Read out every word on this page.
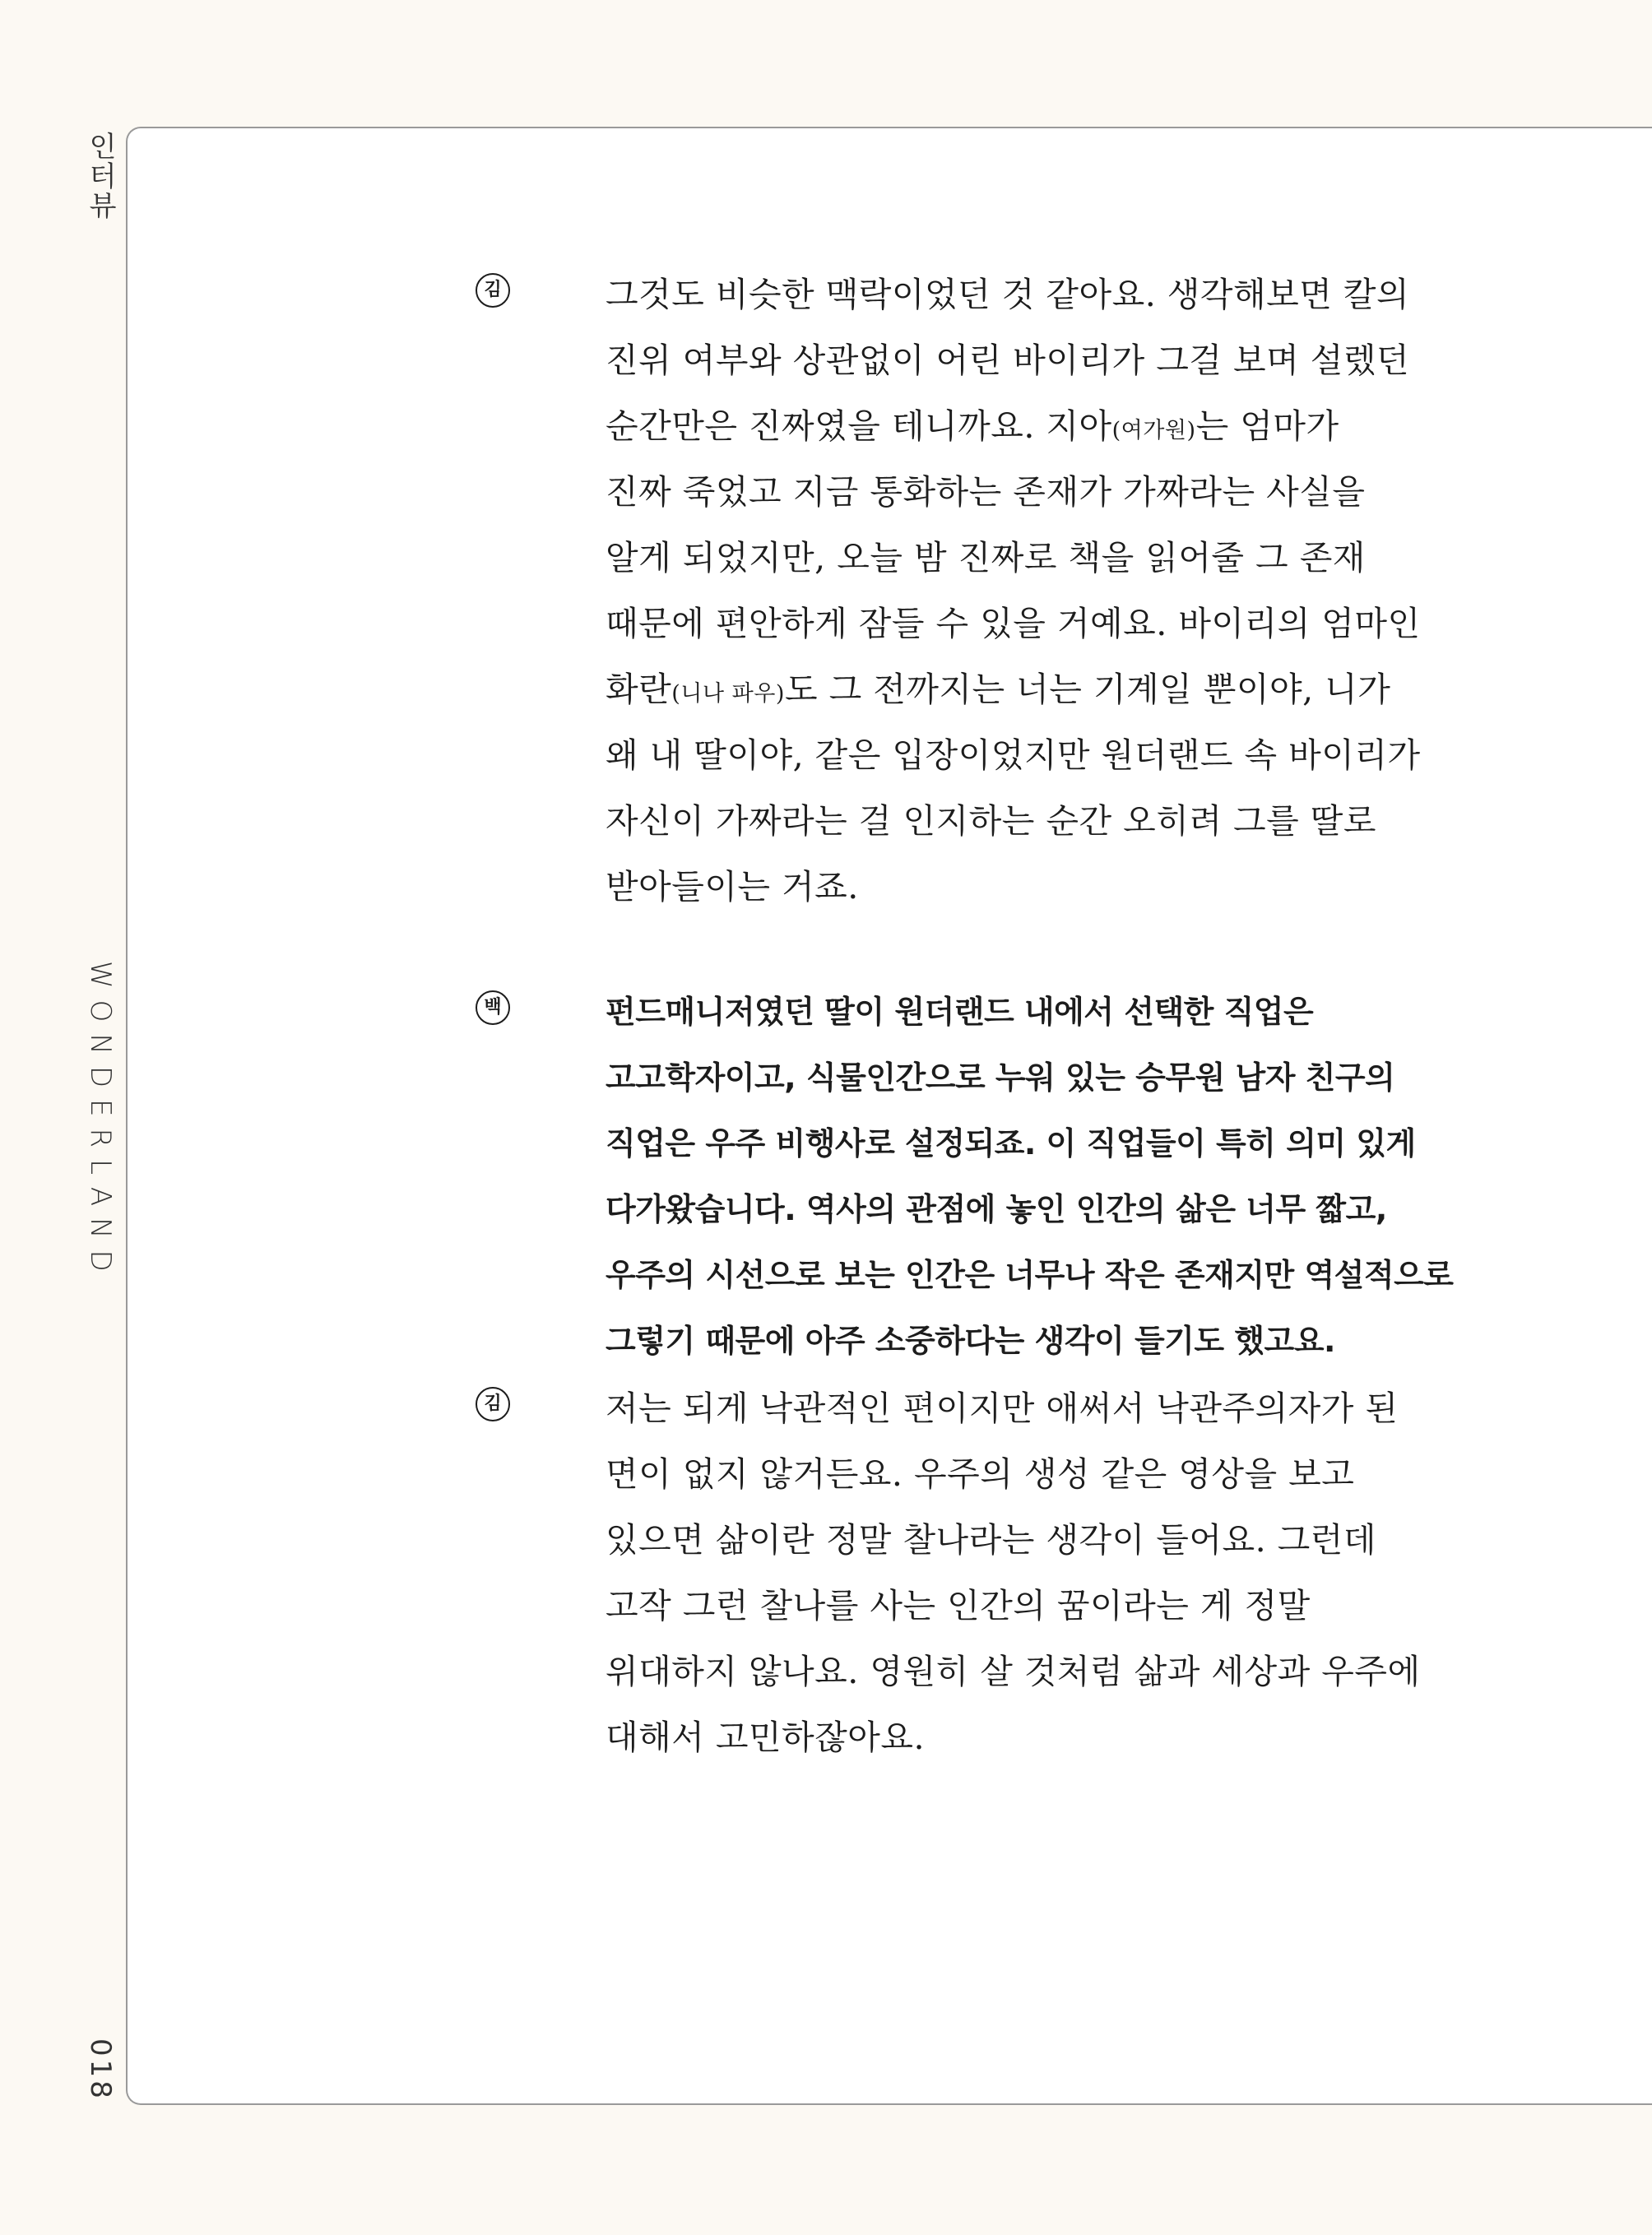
인터뷰
WONDERLAND
018
김	그것도 비슷한 맥락이었던 것 같아요. 생각해보면 칼의
진위 여부와 상관없이 어린 바이리가 그걸 보며 설렜던
순간만은 진짜였을 테니까요. 지아(여가원)는 엄마가
진짜 죽었고 지금 통화하는 존재가 가짜라는 사실을
알게 되었지만, 오늘 밤 진짜로 책을 읽어줄 그 존재
때문에 편안하게 잠들 수 있을 거예요. 바이리의 엄마인
화란(니나 파우)도 그 전까지는 너는 기계일 뿐이야, 니가
왜 내 딸이야, 같은 입장이었지만 원더랜드 속 바이리가
자신이 가짜라는 걸 인지하는 순간 오히려 그를 딸로
받아들이는 거죠.
백	펀드매니저였던 딸이 원더랜드 내에서 선택한 직업은
고고학자이고, 식물인간으로 누워 있는 승무원 남자 친구의
직업은 우주 비행사로 설정되죠. 이 직업들이 특히 의미 있게
다가왔습니다. 역사의 관점에 놓인 인간의 삶은 너무 짧고,
우주의 시선으로 보는 인간은 너무나 작은 존재지만 역설적으로
그렇기 때문에 아주 소중하다는 생각이 들기도 했고요.
김	저는 되게 낙관적인 편이지만 애써서 낙관주의자가 된
면이 없지 않거든요. 우주의 생성 같은 영상을 보고
있으면 삶이란 정말 찰나라는 생각이 들어요. 그런데
고작 그런 찰나를 사는 인간의 꿈이라는 게 정말
위대하지 않나요. 영원히 살 것처럼 삶과 세상과 우주에
대해서 고민하잖아요.
